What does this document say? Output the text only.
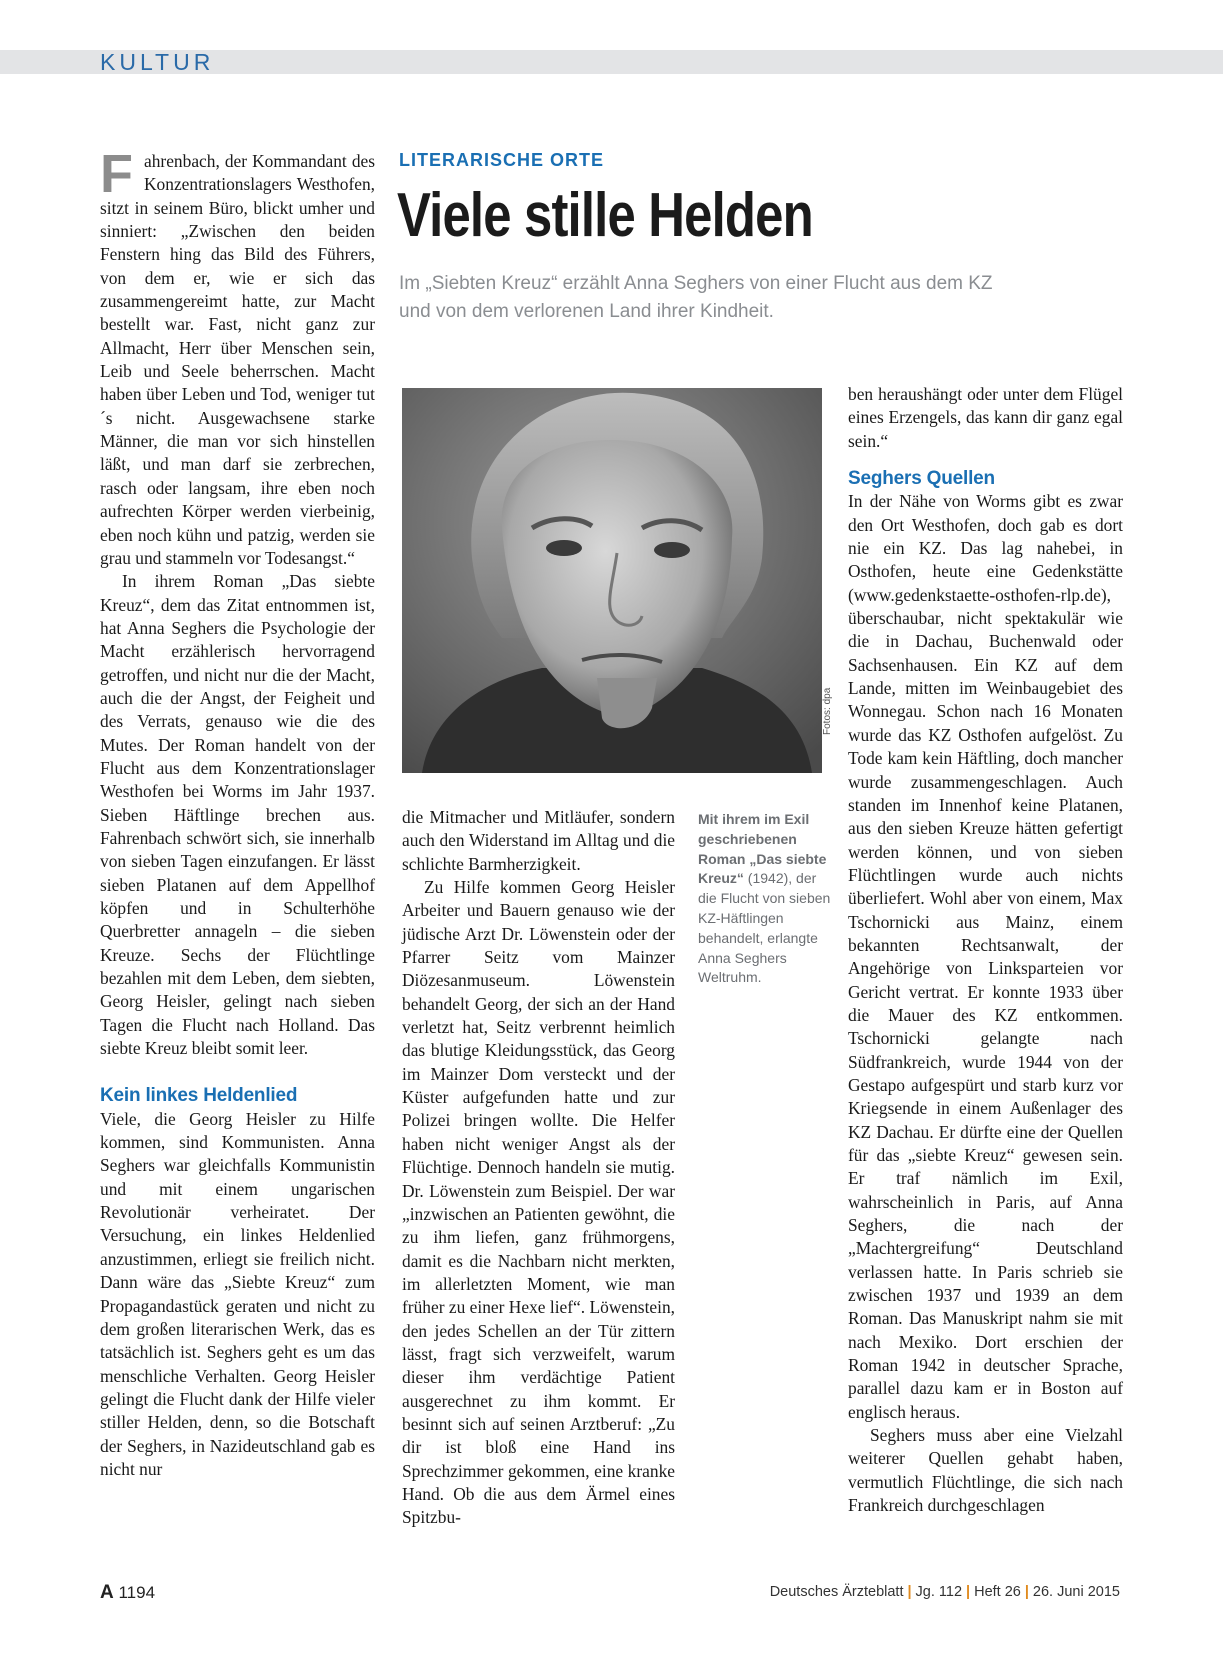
KULTUR
LITERARISCHE ORTE
Viele stille Helden
Im „Siebten Kreuz“ erzählt Anna Seghers von einer Flucht aus dem KZ und von dem verlorenen Land ihrer Kindheit.

Fahrenbach, der Kommandant des Konzentrationslagers Westhofen, sitzt in seinem Büro, blickt umher und sinniert: „Zwischen den beiden Fenstern hing das Bild des Führers, von dem er, wie er sich das zusammengereimt hatte, zur Macht bestellt war. Fast, nicht ganz zur Allmacht, Herr über Menschen sein, Leib und Seele beherrschen. Macht haben über Leben und Tod, weniger tut´s nicht. Ausgewachsene starke Männer, die man vor sich hinstellen läßt, und man darf sie zerbrechen, rasch oder langsam, ihre eben noch aufrechten Körper werden vierbeinig, eben noch kühn und patzig, werden sie grau und stammeln vor Todesangst.“

In ihrem Roman „Das siebte Kreuz“, dem das Zitat entnommen ist, hat Anna Seghers die Psychologie der Macht erzählerisch hervorragend getroffen, und nicht nur die der Macht, auch die der Angst, der Feigheit und des Verrats, genauso wie die des Mutes. Der Roman handelt von der Flucht aus dem Konzentrationslager Westhofen bei Worms im Jahr 1937. Sieben Häftlinge brechen aus. Fahrenbach schwört sich, sie innerhalb von sieben Tagen einzufangen. Er lässt sieben Platanen auf dem Appellhof köpfen und in Schulterhöhe Querbretter annageln – die sieben Kreuze. Sechs der Flüchtlinge bezahlen mit dem Leben, dem siebten, Georg Heisler, gelingt nach sieben Tagen die Flucht nach Holland. Das siebte Kreuz bleibt somit leer.

Kein linkes Heldenlied

Viele, die Georg Heisler zu Hilfe kommen, sind Kommunisten. Anna Seghers war gleichfalls Kommunistin und mit einem ungarischen Revolutionär verheiratet. Der Versuchung, ein linkes Heldenlied anzustimmen, erliegt sie freilich nicht. Dann wäre das „Siebte Kreuz“ zum Propagandastück geraten und nicht zu dem großen literarischen Werk, das es tatsächlich ist. Seghers geht es um das menschliche Verhalten. Georg Heisler gelingt die Flucht dank der Hilfe vieler stiller Helden, denn, so die Botschaft der Seghers, in Nazideutschland gab es nicht nur

Fotos: dpa

die Mitmacher und Mitläufer, sondern auch den Widerstand im Alltag und die schlichte Barmherzigkeit.

Zu Hilfe kommen Georg Heisler Arbeiter und Bauern genauso wie der jüdische Arzt Dr. Löwenstein oder der Pfarrer Seitz vom Mainzer Diözesanmuseum. Löwenstein behandelt Georg, der sich an der Hand verletzt hat, Seitz verbrennt heimlich das blutige Kleidungsstück, das Georg im Mainzer Dom versteckt und der Küster aufgefunden hatte und zur Polizei bringen wollte. Die Helfer haben nicht weniger Angst als der Flüchtige. Dennoch handeln sie mutig. Dr. Löwenstein zum Beispiel. Der war „inzwischen an Patienten gewöhnt, die zu ihm liefen, ganz frühmorgens, damit es die Nachbarn nicht merkten, im allerletzten Moment, wie man früher zu einer Hexe lief“. Löwenstein, den jedes Schellen an der Tür zittern lässt, fragt sich verzweifelt, warum dieser ihm verdächtige Patient ausgerechnet zu ihm kommt. Er besinnt sich auf seinen Arztberuf: „Zu dir ist bloß eine Hand ins Sprechzimmer gekommen, eine kranke Hand. Ob die aus dem Ärmel eines Spitzbu-

Mit ihrem im Exil geschriebenen Roman „Das siebte Kreuz“ (1942), der die Flucht von sieben KZ-Häftlingen behandelt, erlangte Anna Seghers Weltruhm.

ben heraushängt oder unter dem Flügel eines Erzengels, das kann dir ganz egal sein.“

Seghers Quellen

In der Nähe von Worms gibt es zwar den Ort Westhofen, doch gab es dort nie ein KZ. Das lag nahebei, in Osthofen, heute eine Gedenkstätte (www.gedenkstaette-osthofen-rlp.de), überschaubar, nicht spektakulär wie die in Dachau, Buchenwald oder Sachsenhausen. Ein KZ auf dem Lande, mitten im Weinbaugebiet des Wonnegau. Schon nach 16 Monaten wurde das KZ Osthofen aufgelöst. Zu Tode kam kein Häftling, doch mancher wurde zusammengeschlagen. Auch standen im Innenhof keine Platanen, aus den sieben Kreuze hätten gefertigt werden können, und von sieben Flüchtlingen wurde auch nichts überliefert. Wohl aber von einem, Max Tschornicki aus Mainz, einem bekannten Rechtsanwalt, der Angehörige von Linksparteien vor Gericht vertrat. Er konnte 1933 über die Mauer des KZ entkommen. Tschornicki gelangte nach Südfrankreich, wurde 1944 von der Gestapo aufgespürt und starb kurz vor Kriegsende in einem Außenlager des KZ Dachau. Er dürfte eine der Quellen für das „siebte Kreuz“ gewesen sein. Er traf nämlich im Exil, wahrscheinlich in Paris, auf Anna Seghers, die nach der „Machtergreifung“ Deutschland verlassen hatte. In Paris schrieb sie zwischen 1937 und 1939 an dem Roman. Das Manuskript nahm sie mit nach Mexiko. Dort erschien der Roman 1942 in deutscher Sprache, parallel dazu kam er in Boston auf englisch heraus.

Seghers muss aber eine Vielzahl weiterer Quellen gehabt haben, vermutlich Flüchtlinge, die sich nach Frankreich durchgeschlagen

A 1194	Deutsches Ärzteblatt | Jg. 112 | Heft 26 | 26. Juni 2015
